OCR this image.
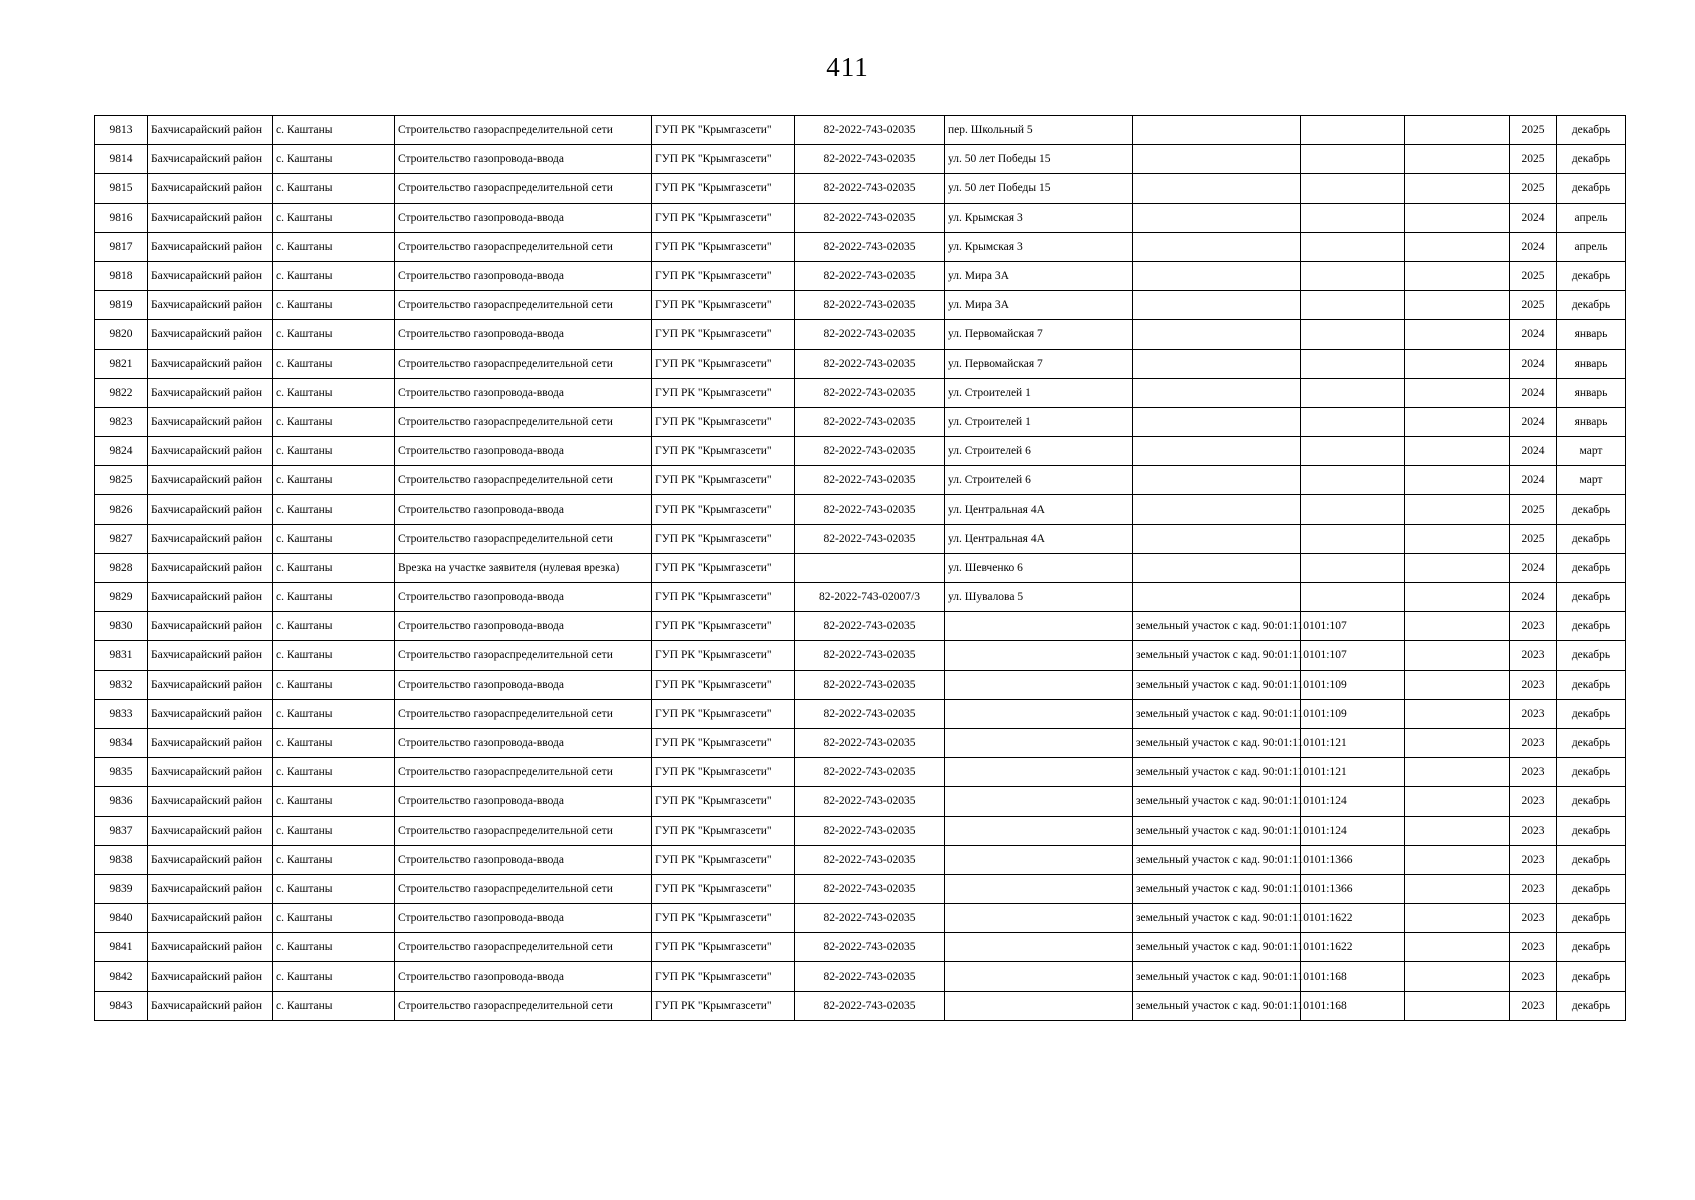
411
9813	Бахчисарайский район	с. Каштаны	Строительство газораспределительной сети	ГУП РК "Крымгазсети"	82-2022-743-02035	пер. Школьный 5				2025	декабрь
9814	Бахчисарайский район	с. Каштаны	Строительство газопровода-ввода	ГУП РК "Крымгазсети"	82-2022-743-02035	ул. 50 лет Победы 15				2025	декабрь
9815	Бахчисарайский район	с. Каштаны	Строительство газораспределительной сети	ГУП РК "Крымгазсети"	82-2022-743-02035	ул. 50 лет Победы 15				2025	декабрь
9816	Бахчисарайский район	с. Каштаны	Строительство газопровода-ввода	ГУП РК "Крымгазсети"	82-2022-743-02035	ул. Крымская 3				2024	апрель
9817	Бахчисарайский район	с. Каштаны	Строительство газораспределительной сети	ГУП РК "Крымгазсети"	82-2022-743-02035	ул. Крымская 3				2024	апрель
9818	Бахчисарайский район	с. Каштаны	Строительство газопровода-ввода	ГУП РК "Крымгазсети"	82-2022-743-02035	ул. Мира 3А				2025	декабрь
9819	Бахчисарайский район	с. Каштаны	Строительство газораспределительной сети	ГУП РК "Крымгазсети"	82-2022-743-02035	ул. Мира 3А				2025	декабрь
9820	Бахчисарайский район	с. Каштаны	Строительство газопровода-ввода	ГУП РК "Крымгазсети"	82-2022-743-02035	ул. Первомайская 7				2024	январь
9821	Бахчисарайский район	с. Каштаны	Строительство газораспределительной сети	ГУП РК "Крымгазсети"	82-2022-743-02035	ул. Первомайская 7				2024	январь
9822	Бахчисарайский район	с. Каштаны	Строительство газопровода-ввода	ГУП РК "Крымгазсети"	82-2022-743-02035	ул. Строителей 1				2024	январь
9823	Бахчисарайский район	с. Каштаны	Строительство газораспределительной сети	ГУП РК "Крымгазсети"	82-2022-743-02035	ул. Строителей 1				2024	январь
9824	Бахчисарайский район	с. Каштаны	Строительство газопровода-ввода	ГУП РК "Крымгазсети"	82-2022-743-02035	ул. Строителей 6				2024	март
9825	Бахчисарайский район	с. Каштаны	Строительство газораспределительной сети	ГУП РК "Крымгазсети"	82-2022-743-02035	ул. Строителей 6				2024	март
9826	Бахчисарайский район	с. Каштаны	Строительство газопровода-ввода	ГУП РК "Крымгазсети"	82-2022-743-02035	ул. Центральная 4А				2025	декабрь
9827	Бахчисарайский район	с. Каштаны	Строительство газораспределительной сети	ГУП РК "Крымгазсети"	82-2022-743-02035	ул. Центральная 4А				2025	декабрь
9828	Бахчисарайский район	с. Каштаны	Врезка на участке заявителя (нулевая врезка)	ГУП РК "Крымгазсети"		ул. Шевченко 6				2024	декабрь
9829	Бахчисарайский район	с. Каштаны	Строительство газопровода-ввода	ГУП РК "Крымгазсети"	82-2022-743-02007/3	ул. Шувалова 5				2024	декабрь
9830	Бахчисарайский район	с. Каштаны	Строительство газопровода-ввода	ГУП РК "Крымгазсети"	82-2022-743-02035		земельный участок с кад. 90:01:110101:107			2023	декабрь
9831	Бахчисарайский район	с. Каштаны	Строительство газораспределительной сети	ГУП РК "Крымгазсети"	82-2022-743-02035		земельный участок с кад. 90:01:110101:107			2023	декабрь
9832	Бахчисарайский район	с. Каштаны	Строительство газопровода-ввода	ГУП РК "Крымгазсети"	82-2022-743-02035		земельный участок с кад. 90:01:110101:109			2023	декабрь
9833	Бахчисарайский район	с. Каштаны	Строительство газораспределительной сети	ГУП РК "Крымгазсети"	82-2022-743-02035		земельный участок с кад. 90:01:110101:109			2023	декабрь
9834	Бахчисарайский район	с. Каштаны	Строительство газопровода-ввода	ГУП РК "Крымгазсети"	82-2022-743-02035		земельный участок с кад. 90:01:110101:121			2023	декабрь
9835	Бахчисарайский район	с. Каштаны	Строительство газораспределительной сети	ГУП РК "Крымгазсети"	82-2022-743-02035		земельный участок с кад. 90:01:110101:121			2023	декабрь
9836	Бахчисарайский район	с. Каштаны	Строительство газопровода-ввода	ГУП РК "Крымгазсети"	82-2022-743-02035		земельный участок с кад. 90:01:110101:124			2023	декабрь
9837	Бахчисарайский район	с. Каштаны	Строительство газораспределительной сети	ГУП РК "Крымгазсети"	82-2022-743-02035		земельный участок с кад. 90:01:110101:124			2023	декабрь
9838	Бахчисарайский район	с. Каштаны	Строительство газопровода-ввода	ГУП РК "Крымгазсети"	82-2022-743-02035		земельный участок с кад. 90:01:110101:1366			2023	декабрь
9839	Бахчисарайский район	с. Каштаны	Строительство газораспределительной сети	ГУП РК "Крымгазсети"	82-2022-743-02035		земельный участок с кад. 90:01:110101:1366			2023	декабрь
9840	Бахчисарайский район	с. Каштаны	Строительство газопровода-ввода	ГУП РК "Крымгазсети"	82-2022-743-02035		земельный участок с кад. 90:01:110101:1622			2023	декабрь
9841	Бахчисарайский район	с. Каштаны	Строительство газораспределительной сети	ГУП РК "Крымгазсети"	82-2022-743-02035		земельный участок с кад. 90:01:110101:1622			2023	декабрь
9842	Бахчисарайский район	с. Каштаны	Строительство газопровода-ввода	ГУП РК "Крымгазсети"	82-2022-743-02035		земельный участок с кад. 90:01:110101:168			2023	декабрь
9843	Бахчисарайский район	с. Каштаны	Строительство газораспределительной сети	ГУП РК "Крымгазсети"	82-2022-743-02035		земельный участок с кад. 90:01:110101:168			2023	декабрь
